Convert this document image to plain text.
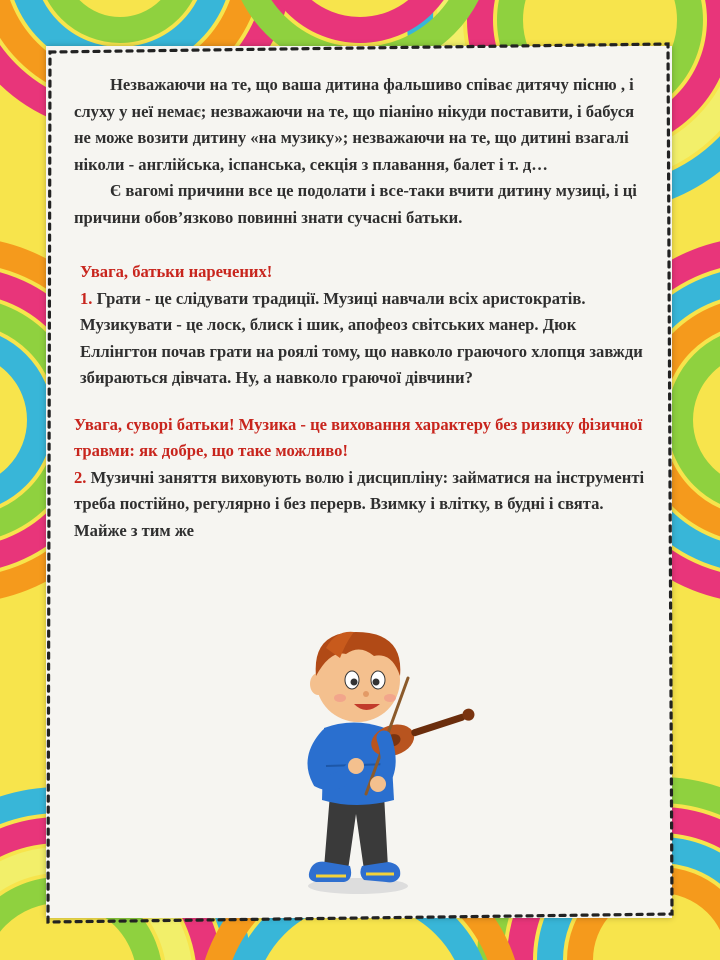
Незважаючи на те, що ваша дитина фальшиво співає дитячу пісню , і слуху у неї немає; незважаючи на те, що піаніно нікуди поставити, і бабуся не може возити дитину «на музику»; незважаючи на те, що дитині взагалі ніколи - англійська, іспанська, секція з плавання, балет і т. д…

Є вагомі причини все це подолати і все-таки вчити дитину музиці, і ці причини обов’язково повинні знати сучасні батьки.

Увага, батьки наречених!

1. Грати - це слідувати традиції. Музиці навчали всіх аристократів. Музикувати - це лоск, блиск і шик, апофеоз світських манер. Дюк Еллінгтон почав грати на роялі тому, що навколо граючого хлопця завжди збираються дівчата. Ну, а навколо граючої дівчини?

Увага, суворі батьки! Музика - це виховання характеру без ризику фізичної травми: як добре, що таке можливо!

2. Музичні заняття виховують волю і дисципліну: займатися на інструменті треба постійно, регулярно і без перерв. Взимку і влітку, в будні і свята. Майже з тим же
